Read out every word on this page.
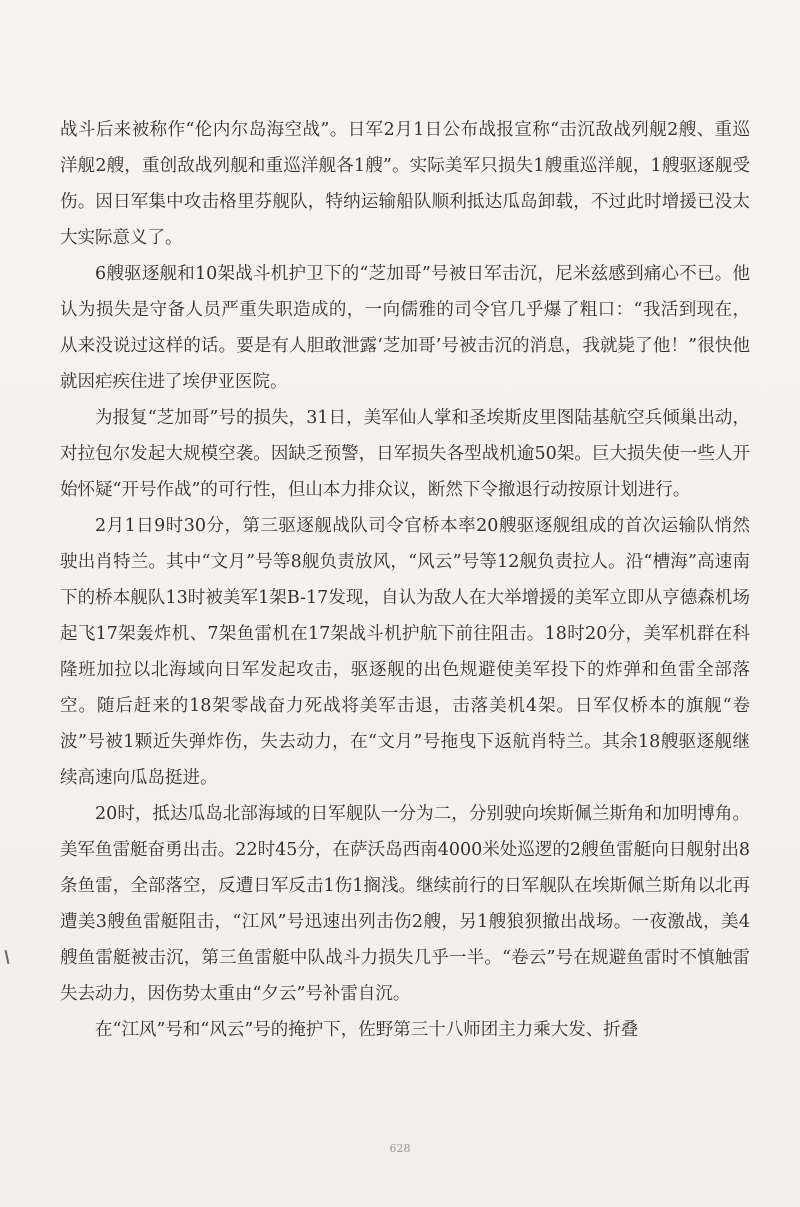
战斗后来被称作“伦内尔岛海空战”。日军2月1日公布战报宣称“击沉敌战列舰2艘、重巡洋舰2艘，重创敌战列舰和重巡洋舰各1艘”。实际美军只损失1艘重巡洋舰，1艘驱逐舰受伤。因日军集中攻击格里芬舰队，特纳运输船队顺利抵达瓜岛卸载，不过此时增援已没太大实际意义了。

6艘驱逐舰和10架战斗机护卫下的“芝加哥”号被日军击沉，尼米兹感到痛心不已。他认为损失是守备人员严重失职造成的，一向儒雅的司令官几乎爆了粗口：“我活到现在，从来没说过这样的话。要是有人胆敢泄露‘芝加哥’号被击沉的消息，我就毙了他！”很快他就因疟疾住进了埃伊亚医院。

为报复“芝加哥”号的损失，31日，美军仙人掌和圣埃斯皮里图陆基航空兵倾巢出动，对拉包尔发起大规模空袭。因缺乏预警，日军损失各型战机逾50架。巨大损失使一些人开始怀疑“开号作战”的可行性，但山本力排众议，断然下令撤退行动按原计划进行。

2月1日9时30分，第三驱逐舰战队司令官桥本率20艘驱逐舰组成的首次运输队悄然驶出肖特兰。其中“文月”号等8舰负责放风，“风云”号等12舰负责拉人。沿“槽海”高速南下的桥本舰队13时被美军1架B-17发现，自认为敌人在大举增援的美军立即从亨德森机场起飞17架轰炸机、7架鱼雷机在17架战斗机护航下前往阻击。18时20分，美军机群在科隆班加拉以北海域向日军发起攻击，驱逐舰的出色规避使美军投下的炸弹和鱼雷全部落空。随后赶来的18架零战奋力死战将美军击退，击落美机4架。日军仅桥本的旗舰“卷波”号被1颗近失弹炸伤，失去动力，在“文月”号拖曳下返航肖特兰。其余18艘驱逐舰继续高速向瓜岛挺进。

20时，抵达瓜岛北部海域的日军舰队一分为二，分别驶向埃斯佩兰斯角和加明博角。美军鱼雷艇奋勇出击。22时45分，在萨沃岛西南4000米处巡逻的2艘鱼雷艇向日舰射出8条鱼雷，全部落空，反遭日军反击1伤1搁浅。继续前行的日军舰队在埃斯佩兰斯角以北再遭美3艘鱼雷艇阻击，“江风”号迅速出列击伤2艘，另1艘狼狈撤出战场。一夜激战，美4艘鱼雷艇被击沉，第三鱼雷艇中队战斗力损失几乎一半。“卷云”号在规避鱼雷时不慎触雷失去动力，因伤势太重由“夕云”号补雷自沉。

在“江风”号和“风云”号的掩护下，佐野第三十八师团主力乘大发、折叠

628
